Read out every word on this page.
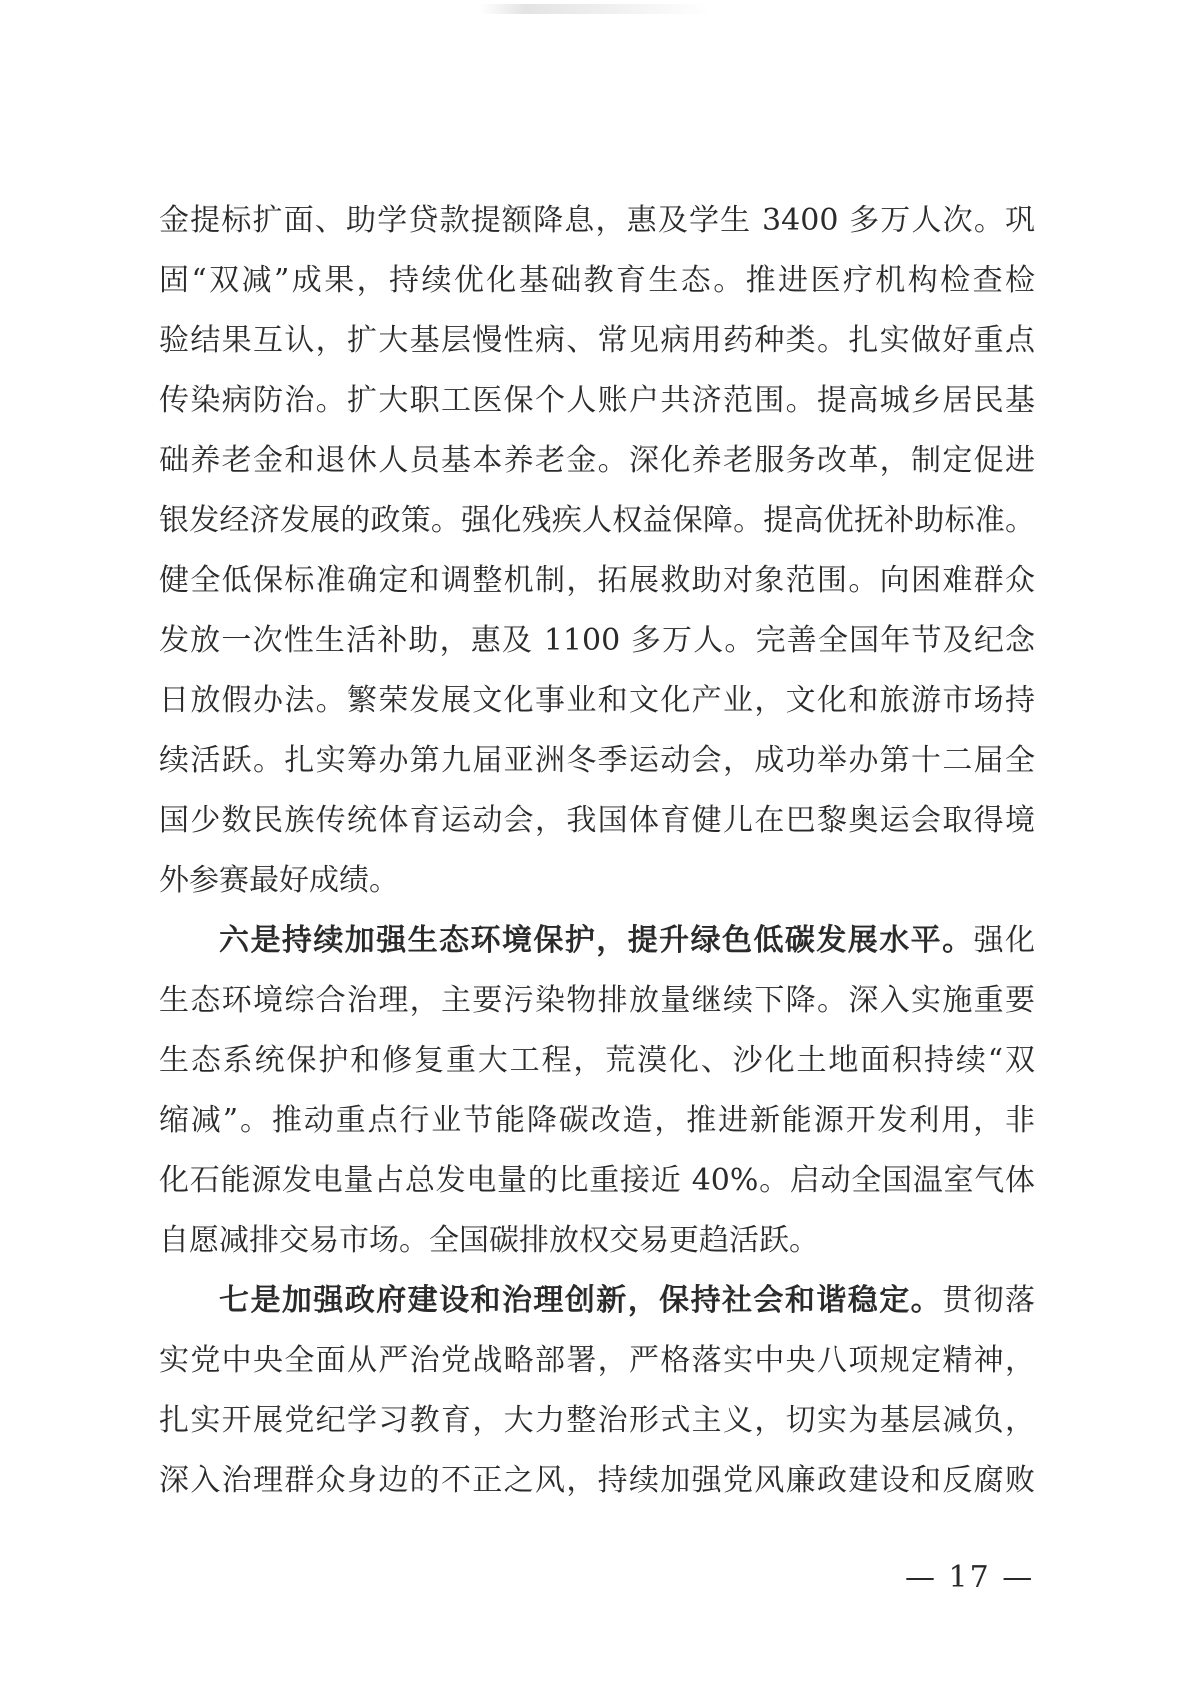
金提标扩面、助学贷款提额降息，惠及学生 3400 多万人次。巩
固“双减”成果，持续优化基础教育生态。推进医疗机构检查检
验结果互认，扩大基层慢性病、常见病用药种类。扎实做好重点
传染病防治。扩大职工医保个人账户共济范围。提高城乡居民基
础养老金和退休人员基本养老金。深化养老服务改革，制定促进
银发经济发展的政策。强化残疾人权益保障。提高优抚补助标准。
健全低保标准确定和调整机制，拓展救助对象范围。向困难群众
发放一次性生活补助，惠及 1100 多万人。完善全国年节及纪念
日放假办法。繁荣发展文化事业和文化产业，文化和旅游市场持
续活跃。扎实筹办第九届亚洲冬季运动会，成功举办第十二届全
国少数民族传统体育运动会，我国体育健儿在巴黎奥运会取得境
外参赛最好成绩。
六是持续加强生态环境保护，提升绿色低碳发展水平。强化
生态环境综合治理，主要污染物排放量继续下降。深入实施重要
生态系统保护和修复重大工程，荒漠化、沙化土地面积持续“双
缩减”。推动重点行业节能降碳改造，推进新能源开发利用，非
化石能源发电量占总发电量的比重接近 40%。启动全国温室气体
自愿减排交易市场。全国碳排放权交易更趋活跃。
七是加强政府建设和治理创新，保持社会和谐稳定。贯彻落
实党中央全面从严治党战略部署，严格落实中央八项规定精神，
扎实开展党纪学习教育，大力整治形式主义，切实为基层减负，
深入治理群众身边的不正之风，持续加强党风廉政建设和反腐败
— 17 —
